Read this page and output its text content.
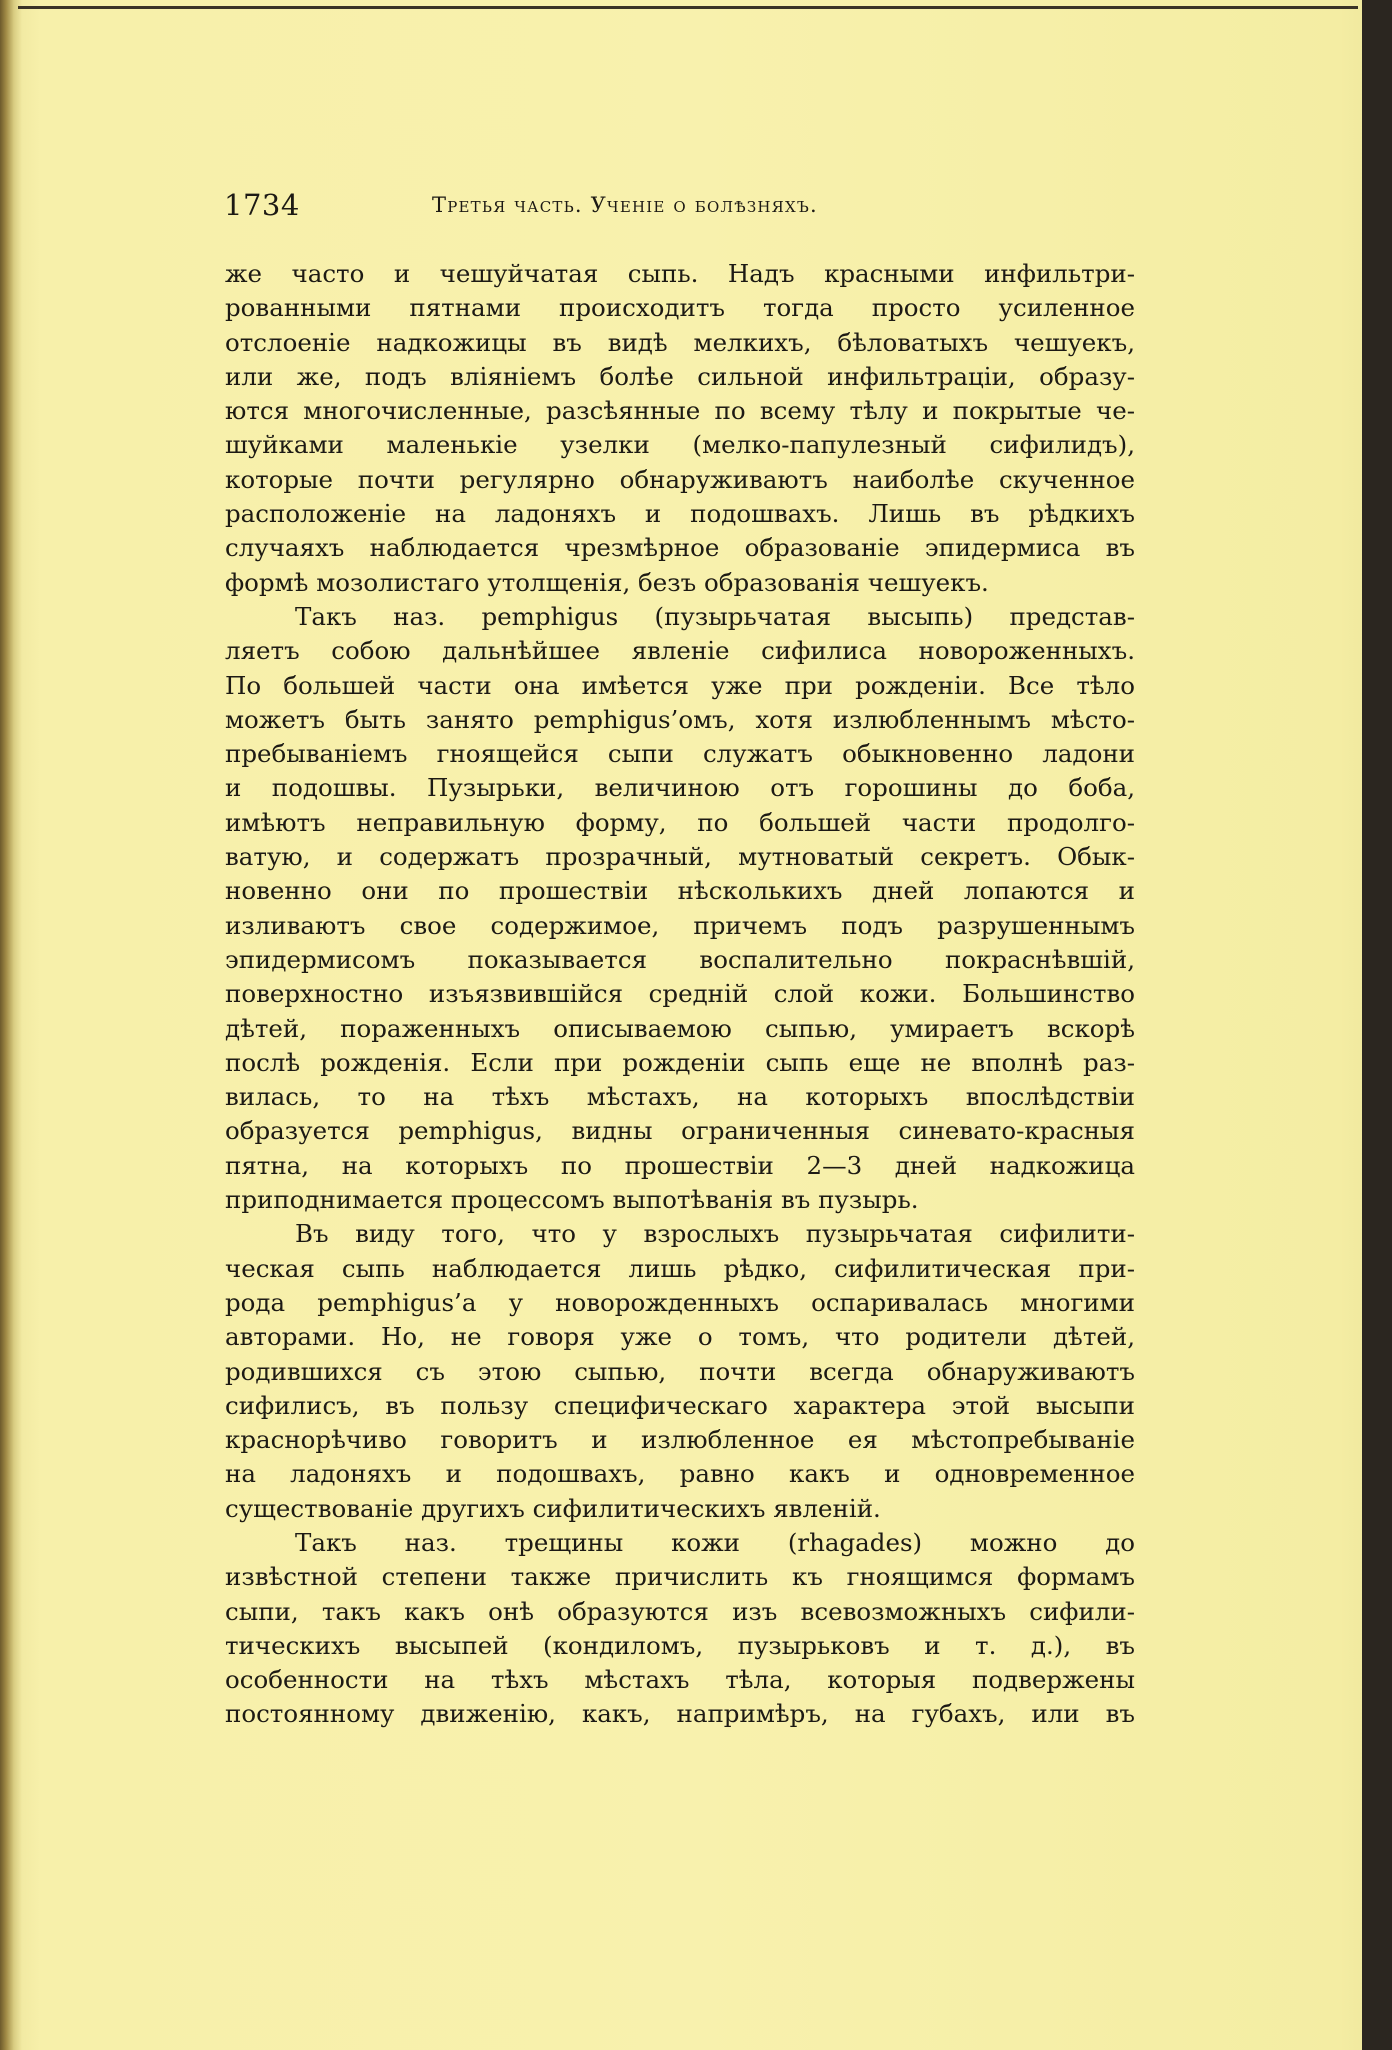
1734	Третья часть. Ученіе о болѣзняхъ.
же часто и чешуйчатая сыпь. Надъ красными инфильтри-
рованными пятнами происходитъ тогда просто усиленное
отслоеніе надкожицы въ видѣ мелкихъ, бѣловатыхъ чешуекъ,
или же, подъ вліяніемъ болѣе сильной инфильтраціи, образу-
ются многочисленные, разсѣянные по всему тѣлу и покрытые че-
шуйками маленькіе узелки (мелко-папулезный сифилидъ),
которые почти регулярно обнаруживаютъ наиболѣе скученное
расположеніе на ладоняхъ и подошвахъ. Лишь въ рѣдкихъ
случаяхъ наблюдается чрезмѣрное образованіе эпидермиса въ
формѣ мозолистаго утолщенія, безъ образованія чешуекъ.
Такъ наз. pemphigus (пузырьчатая высыпь) представ-
ляетъ собою дальнѣйшее явленіе сифилиса новороженныхъ.
По большей части она имѣется уже при рожденіи. Все тѣло
можетъ быть занято pemphigus’омъ, хотя излюбленнымъ мѣсто-
пребываніемъ гноящейся сыпи служатъ обыкновенно ладони
и подошвы. Пузырьки, величиною отъ горошины до боба,
имѣютъ неправильную форму, по большей части продолго-
ватую, и содержатъ прозрачный, мутноватый секретъ. Обык-
новенно они по прошествіи нѣсколькихъ дней лопаются и
изливаютъ свое содержимое, причемъ подъ разрушеннымъ
эпидермисомъ показывается воспалительно покраснѣвшій,
поверхностно изъязвившійся средній слой кожи. Большинство
дѣтей, пораженныхъ описываемою сыпью, умираетъ вскорѣ
послѣ рожденія. Если при рожденіи сыпь еще не вполнѣ раз-
вилась, то на тѣхъ мѣстахъ, на которыхъ впослѣдствіи
образуется pemphigus, видны ограниченныя синевато-красныя
пятна, на которыхъ по прошествіи 2—3 дней надкожица
приподнимается процессомъ выпотѣванія въ пузырь.
Въ виду того, что у взрослыхъ пузырьчатая сифилити-
ческая сыпь наблюдается лишь рѣдко, сифилитическая при-
рода pemphigus’а у новорожденныхъ оспаривалась многими
авторами. Но, не говоря уже о томъ, что родители дѣтей,
родившихся съ этою сыпью, почти всегда обнаруживаютъ
сифилисъ, въ пользу специфическаго характера этой высыпи
краснорѣчиво говоритъ и излюбленное ея мѣстопребываніе
на ладоняхъ и подошвахъ, равно какъ и одновременное
существованіе другихъ сифилитическихъ явленій.
Такъ наз. трещины кожи (rhagades) можно до
извѣстной степени также причислить къ гноящимся формамъ
сыпи, такъ какъ онѣ образуются изъ всевозможныхъ сифили-
тическихъ высыпей (кондиломъ, пузырьковъ и т. д.), въ
особенности на тѣхъ мѣстахъ тѣла, которыя подвержены
постоянному движенію, какъ, напримѣръ, на губахъ, или въ
